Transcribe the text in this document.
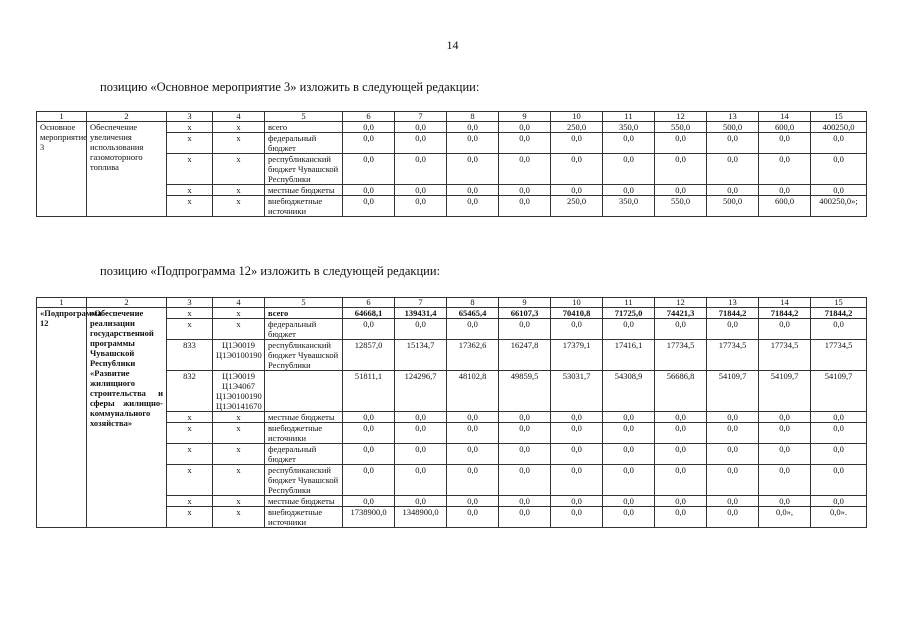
14
позицию «Основное мероприятие 3» изложить в следующей редакции:
1	2	3	4	5	6	7	8	9	10	11	12	13	14	15
Основное мероприятие 3	Обеспечение увеличения использования газомоторного топлива	x	x	всего	0,0	0,0	0,0	0,0	250,0	350,0	550,0	500,0	600,0	400250,0
		x	x	федеральный бюджет	0,0	0,0	0,0	0,0	0,0	0,0	0,0	0,0	0,0	0,0
		x	x	республиканский бюджет Чувашской Республики	0,0	0,0	0,0	0,0	0,0	0,0	0,0	0,0	0,0	0,0
		x	x	местные бюджеты	0,0	0,0	0,0	0,0	0,0	0,0	0,0	0,0	0,0	0,0
		x	x	внебюджетные источники	0,0	0,0	0,0	0,0	250,0	350,0	550,0	500,0	600,0	400250,0»;
позицию «Подпрограмма 12» изложить в следующей редакции:
1	2	3	4	5	6	7	8	9	10	11	12	13	14	15
«Подпрограмма 12	«Обеспечение реализации государственной программы Чувашской Республики «Развитие жилищного строительства и сферы жилищно-коммунального хозяйства»	x	x	всего	64668,1	139431,4	65465,4	66107,3	70410,8	71725,0	74421,3	71844,2	71844,2	71844,2
		x	x	федеральный бюджет	0,0	0,0	0,0	0,0	0,0	0,0	0,0	0,0	0,0	0,0
		833	Ц1Э0019 Ц1Э0100190	республиканский бюджет Чувашской Республики	12857,0	15134,7	17362,6	16247,8	17379,1	17416,1	17734,5	17734,5	17734,5	17734,5
		832	Ц1Э0019 Ц1Э4067 Ц1Э0100190 Ц1Э0141670		51811,1	124296,7	48102,8	49859,5	53031,7	54308,9	56686,8	54109,7	54109,7	54109,7
		x	x	местные бюджеты	0,0	0,0	0,0	0,0	0,0	0,0	0,0	0,0	0,0	0,0
		x	x	внебюджетные источники	0,0	0,0	0,0	0,0	0,0	0,0	0,0	0,0	0,0	0,0
		x	x	федеральный бюджет	0,0	0,0	0,0	0,0	0,0	0,0	0,0	0,0	0,0	0,0
		x	x	республиканский бюджет Чувашской Республики	0,0	0,0	0,0	0,0	0,0	0,0	0,0	0,0	0,0	0,0
		x	x	местные бюджеты	0,0	0,0	0,0	0,0	0,0	0,0	0,0	0,0	0,0	0,0
		x	x	внебюджетные источники	1738900,0	1348900,0	0,0	0,0	0,0	0,0	0,0	0,0	0,0»,	0,0».
